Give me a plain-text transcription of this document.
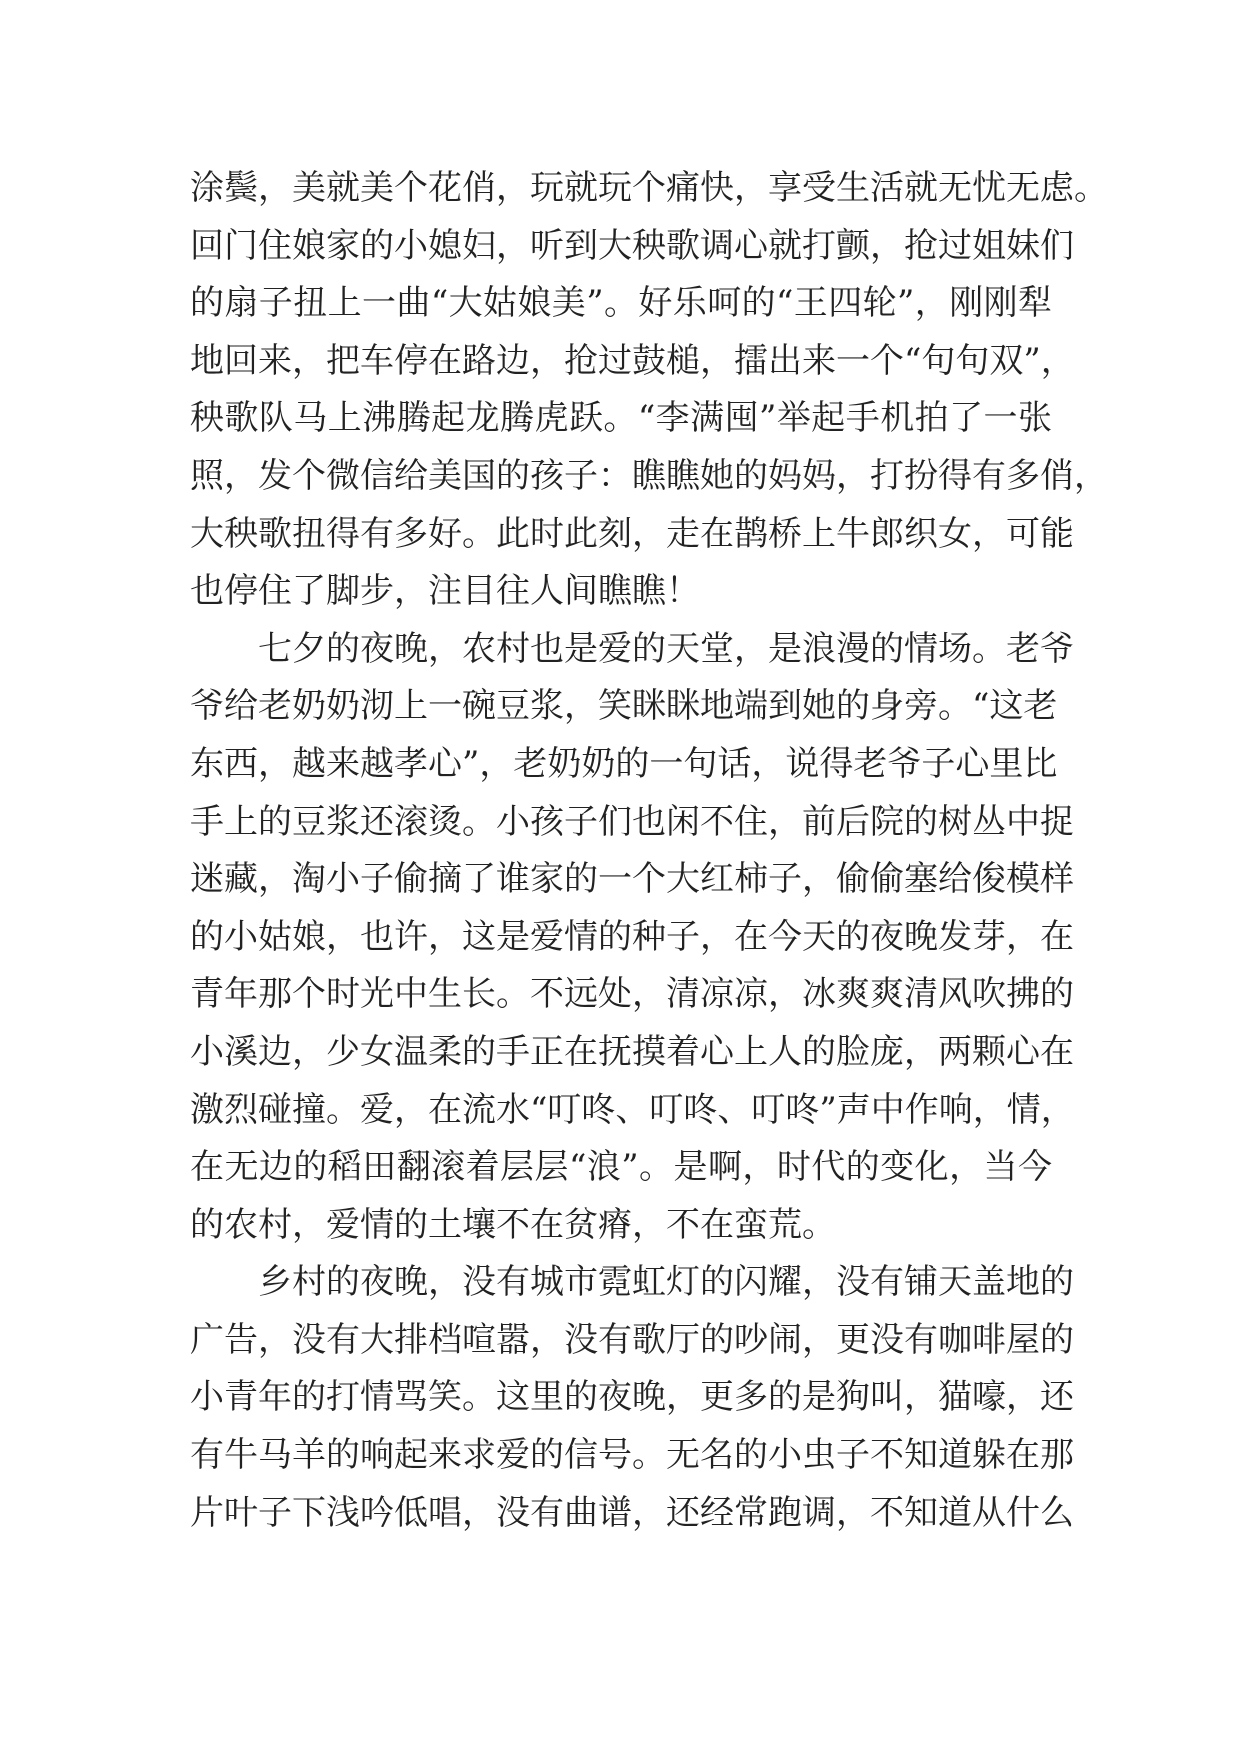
涂鬓，美就美个花俏，玩就玩个痛快，享受生活就无忧无虑。
回门住娘家的小媳妇，听到大秧歌调心就打颤，抢过姐妹们
的扇子扭上一曲“大姑娘美”。好乐呵的“王四轮”，刚刚犁
地回来，把车停在路边，抢过鼓槌，擂出来一个“句句双”，
秧歌队马上沸腾起龙腾虎跃。“李满囤”举起手机拍了一张
照，发个微信给美国的孩子：瞧瞧她的妈妈，打扮得有多俏，
大秧歌扭得有多好。此时此刻，走在鹊桥上牛郎织女，可能
也停住了脚步，注目往人间瞧瞧！
七夕的夜晚，农村也是爱的天堂，是浪漫的情场。老爷
爷给老奶奶沏上一碗豆浆，笑眯眯地端到她的身旁。“这老
东西，越来越孝心”，老奶奶的一句话，说得老爷子心里比
手上的豆浆还滚烫。小孩子们也闲不住，前后院的树丛中捉
迷藏，淘小子偷摘了谁家的一个大红柿子，偷偷塞给俊模样
的小姑娘，也许，这是爱情的种子，在今天的夜晚发芽，在
青年那个时光中生长。不远处，清凉凉，冰爽爽清风吹拂的
小溪边，少女温柔的手正在抚摸着心上人的脸庞，两颗心在
激烈碰撞。爱，在流水“叮咚、叮咚、叮咚”声中作响，情，
在无边的稻田翻滚着层层“浪”。是啊，时代的变化，当今
的农村，爱情的土壤不在贫瘠，不在蛮荒。
乡村的夜晚，没有城市霓虹灯的闪耀，没有铺天盖地的
广告，没有大排档喧嚣，没有歌厅的吵闹，更没有咖啡屋的
小青年的打情骂笑。这里的夜晚，更多的是狗叫，猫嚎，还
有牛马羊的响起来求爱的信号。无名的小虫子不知道躲在那
片叶子下浅吟低唱，没有曲谱，还经常跑调，不知道从什么
